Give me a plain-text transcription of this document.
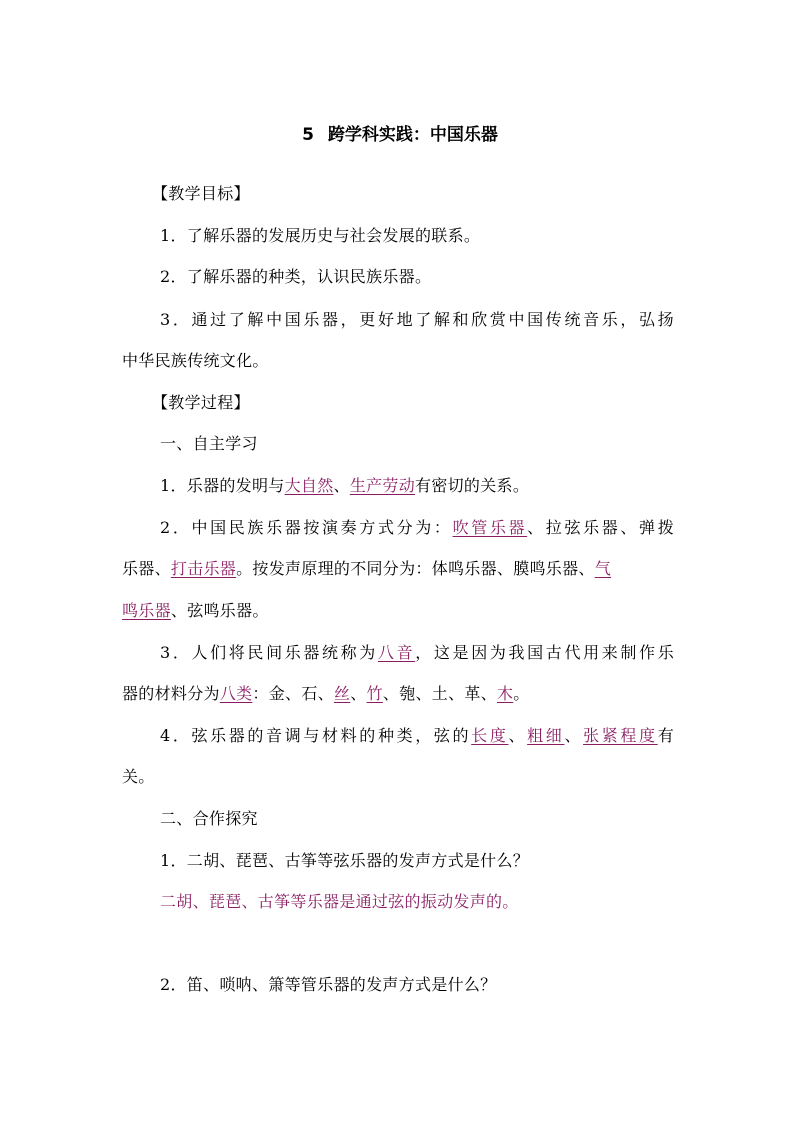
5 跨学科实践：中国乐器
【教学目标】
1．了解乐器的发展历史与社会发展的联系。
2．了解乐器的种类，认识民族乐器。
3．通过了解中国乐器，更好地了解和欣赏中国传统音乐，弘扬
中华民族传统文化。
【教学过程】
一、自主学习
1．乐器的发明与大自然、生产劳动有密切的关系。
2．中国民族乐器按演奏方式分为：吹管乐器、拉弦乐器、弹拨
乐器、打击乐器。按发声原理的不同分为：体鸣乐器、膜鸣乐器、气
鸣乐器、弦鸣乐器。
3．人们将民间乐器统称为八音，这是因为我国古代用来制作乐
器的材料分为八类：金、石、丝、竹、匏、土、革、木。
4．弦乐器的音调与材料的种类，弦的长度、粗细、张紧程度有
关。
二、合作探究
1．二胡、琵琶、古筝等弦乐器的发声方式是什么？
二胡、琵琶、古筝等乐器是通过弦的振动发声的。
2．笛、唢呐、箫等管乐器的发声方式是什么？
